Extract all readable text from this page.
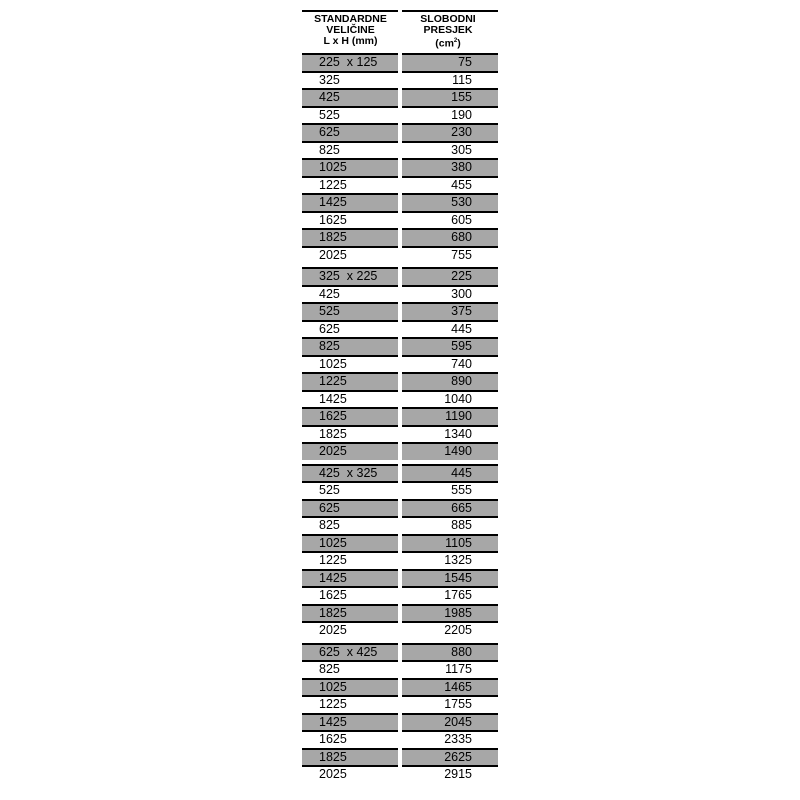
STANDARDNE
VELIČINE
L x H (mm)
SLOBODNI
PRESJEK
$(cm^2)$
225  x 125	75
325	115
425	155
525	190
625	230
825	305
1025	380
1225	455
1425	530
1625	605
1825	680
2025	755
325  x 225	225
425	300
525	375
625	445
825	595
1025	740
1225	890
1425	1040
1625	1190
1825	1340
2025	1490
425  x 325	445
525	555
625	665
825	885
1025	1105
1225	1325
1425	1545
1625	1765
1825	1985
2025	2205
625  x 425	880
825	1175
1025	1465
1225	1755
1425	2045
1625	2335
1825	2625
2025	2915
